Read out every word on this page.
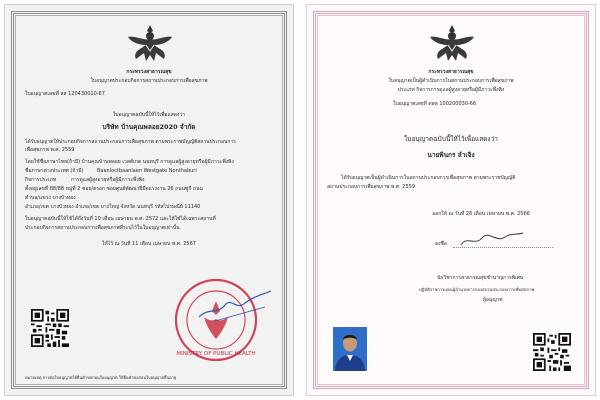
กระทรวงสาธารณสุข
ใบอนุญาตประกอบกิจการสถานประกอบการเพื่อสุขภาพ
ใบอนุญาตเลขที่ สส 120430010-67
ใบอนุญาตฉบับนี้ให้ไว้เพื่อแสดงว่า
บริษัท บ้านคุณพลอย2020 จำกัด
ได้รับอนุญาตให้ประกอบกิจการสถานประกอบการเพื่อสุขภาพ ตามพระราชบัญญัติสถานประกอบการ
เพื่อสุขภาพ พ.ศ. 2559
โดยใช้ชื่อภาษาไทย(ถ้ามี) บ้านคุณบ้านพลอย เวสต์เกต นนทบุรี การดูแลผู้สูงอายุหรือผู้มีภาวะพึ่งพิง
ชื่อภาษาต่างประเทศ (ถ้ามี)	Baanloctbaanlaen Westgate Nonthaburi
กิจการประเภท	การดูแลผู้สูงอายุหรือผู้มีภาวะพึ่งพิง
ตั้งอยู่เลขที่ 88/88 หมู่ที่ 2 ซอย/ตรอก ซอยศูนย์พัฒนาฝีมือแรงงาน 26 ถนนซูกี่ ถนน
ตำบล/แขวง บางบัวทอง
อำเภอ/เขต บางบัวทอง อำเภอ/เขต บางใหญ่ จังหวัด นนทบุรี รหัสไปรษณีย์ 11140
ใบอนุญาตฉบับนี้ให้ใช้ได้ถึงวันที่ 10 เดือน เมษายน พ.ศ. 2572 และให้ใช้ได้เฉพาะสถานที่
ประกอบกิจการสถานประกอบการเพื่อสุขภาพที่ระบุไว้ในใบอนุญาตเท่านั้น
ให้ไว้ ณ วันที่ 11 เดือน เมษายน พ.ศ. 2567
MINISTRY OF PUBLIC HEALTH
หมายเหตุ การต่อใบอนุญาตให้ยื่นคำขอก่อนใบอนุญาต ให้ยื่นคำขอก่อนใบอนุญาตสิ้นอายุ
กระทรวงสาธารณสุข
ใบอนุญาตเป็นผู้ดำเนินการในสถานประกอบการเพื่อสุขภาพ
ประเภท กิจการการดูแลผู้สูงอายุหรือผู้มีภาวะพึ่งพิง
ใบอนุญาตเลขที่ ดสส 100200030-66
ใบอนุญาตฉบับนี้ให้ไว้เพื่อแสดงว่า
นายพินกร ลำเจิง
ได้รับอนุญาตเป็นผู้ดำเนินการในสถานประกอบการเพื่อสุขภาพ ตามพระราชบัญญัติ
สถานประกอบการเพื่อสุขภาพ พ.ศ. 2559
ออกให้ ณ วันที่ 26 เดือน เมษายน พ.ศ. 2566
ลงชื่อ
นักวิชาการสาธารณสุขชำนาญการพิเศษ
ปฏิบัติราชการแทนผู้อำนวยการกองสถานประกอบการเพื่อสุขภาพ
ผู้อนุญาต
